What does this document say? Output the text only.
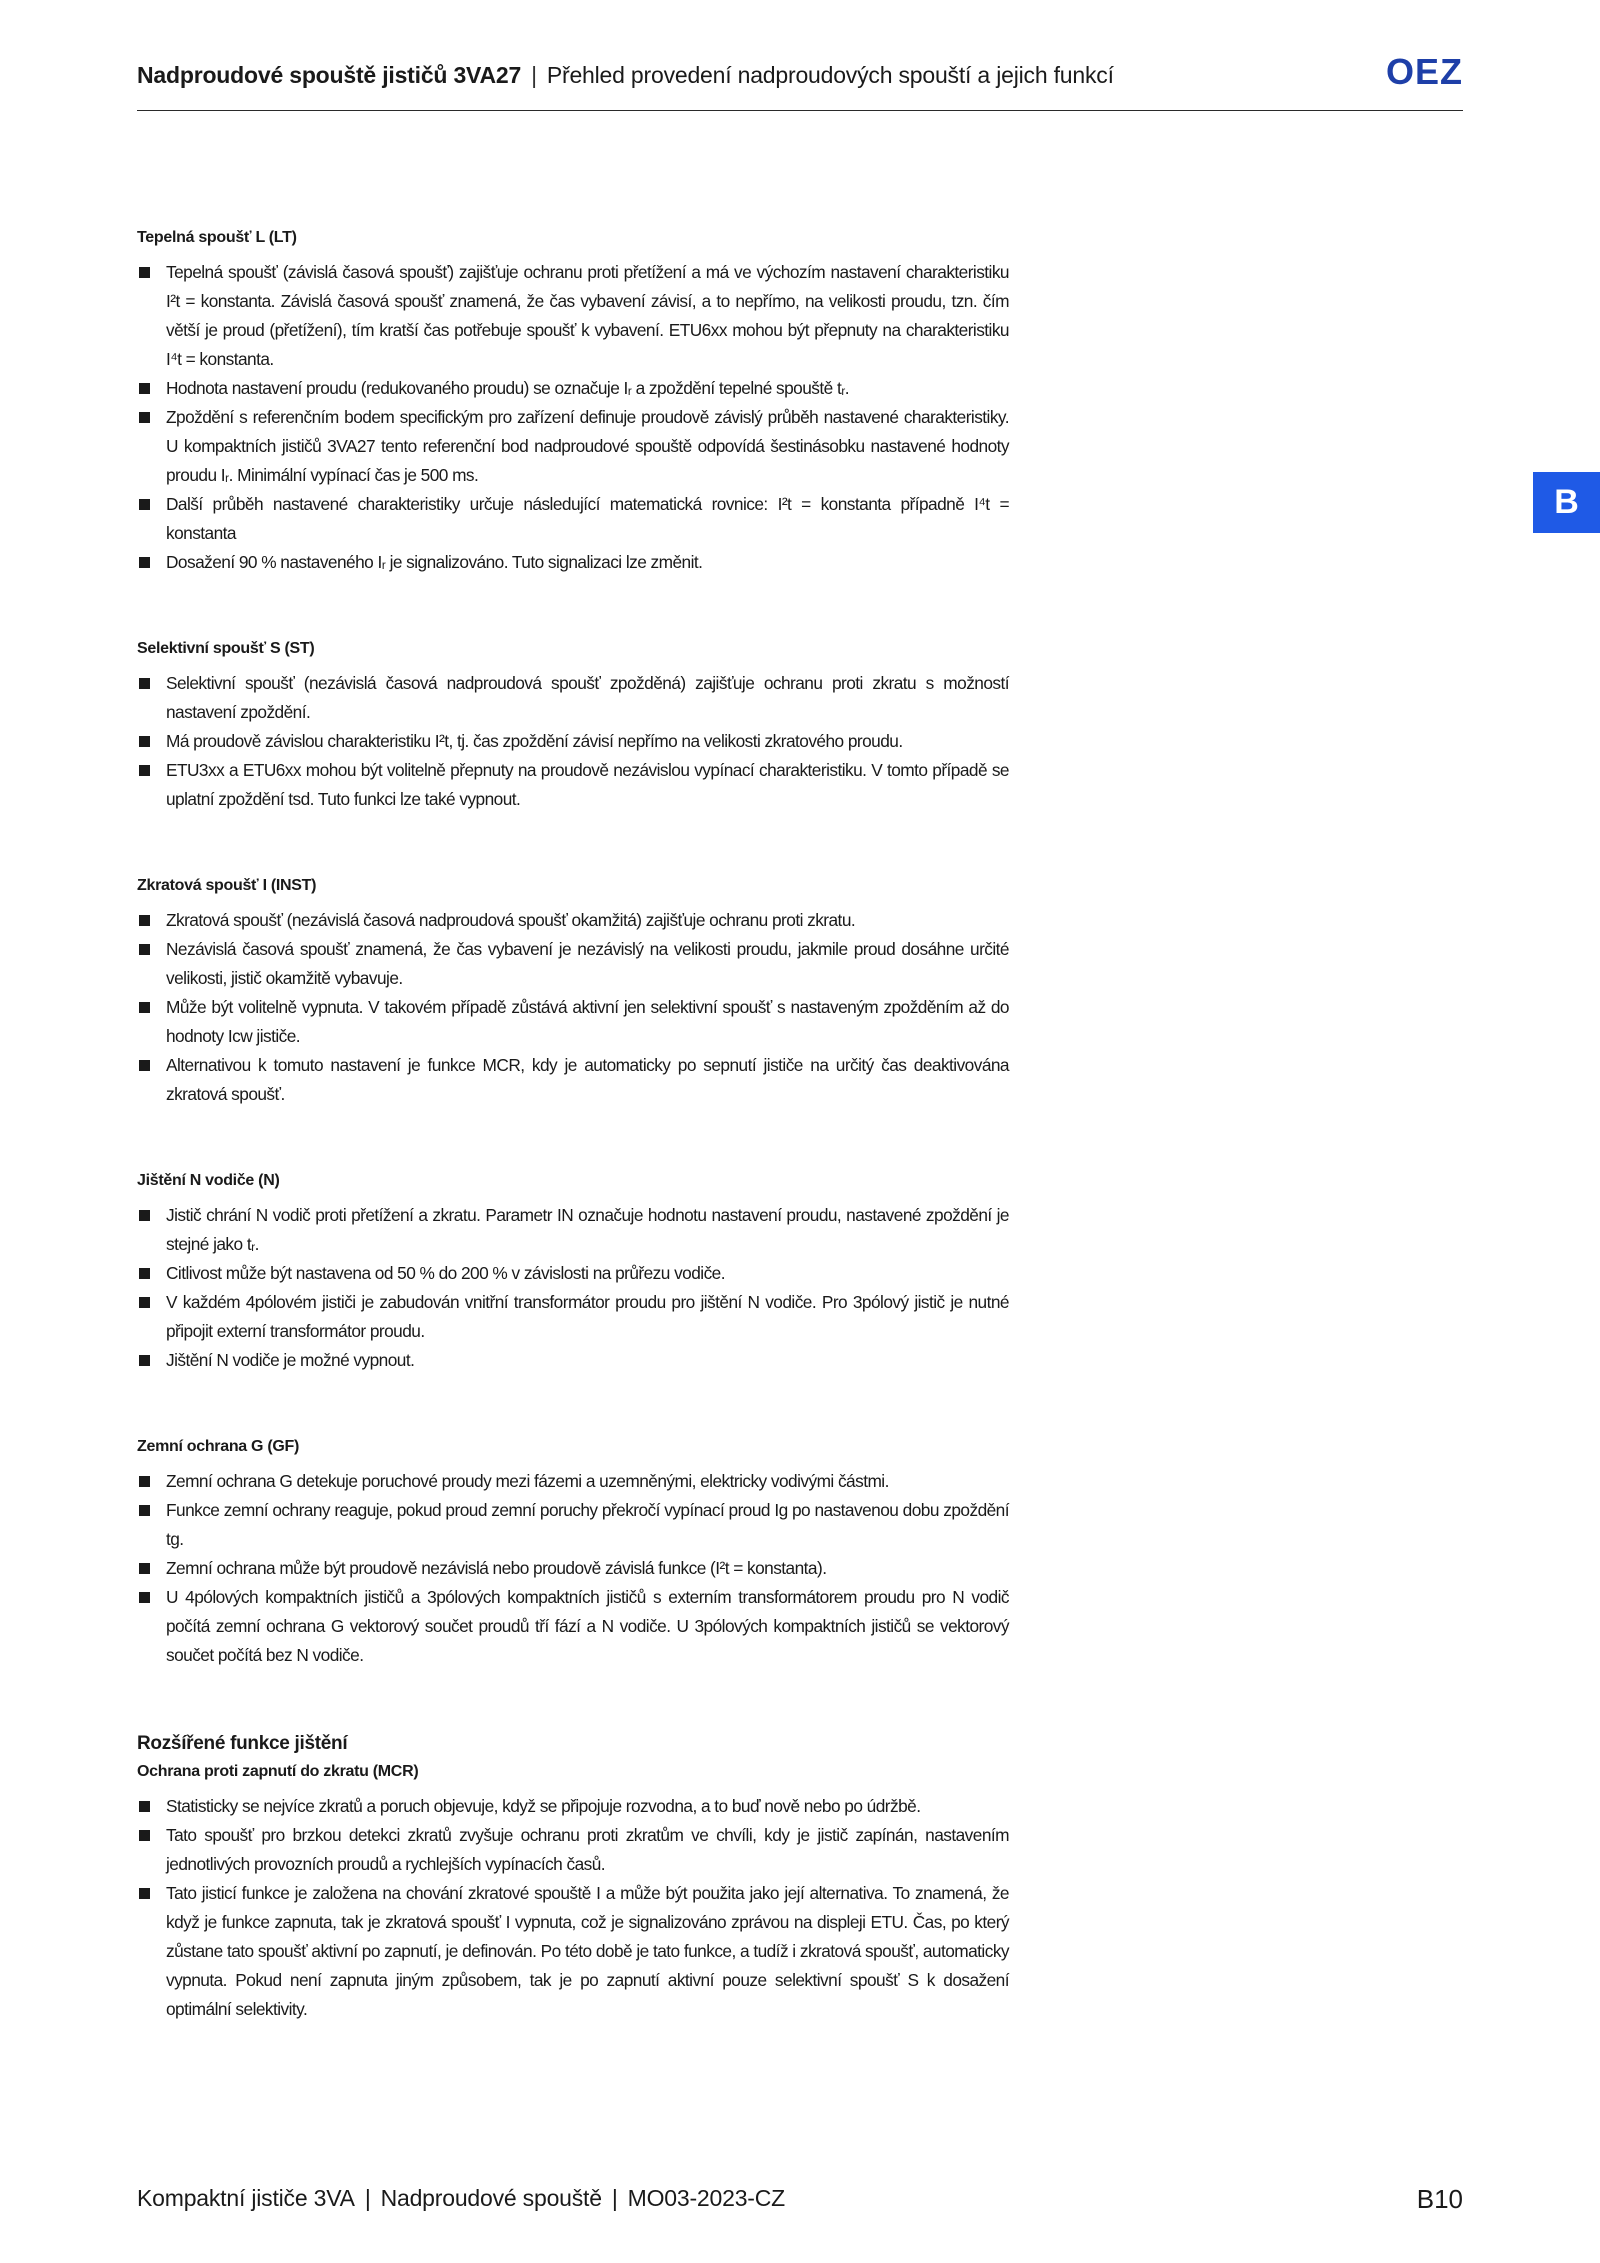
Nadproudové spouště jističů 3VA27 | Přehled provedení nadproudových spouští a jejich funkcí	OEZ
B
Tepelná spoušť L (LT)
Tepelná spoušť (závislá časová spoušť) zajišťuje ochranu proti přetížení a má ve výchozím nastavení charakteristiku I²t = konstanta. Závislá časová spoušť znamená, že čas vybavení závisí, a to nepřímo, na velikosti proudu, tzn. čím větší je proud (přetížení), tím kratší čas potřebuje spoušť k vybavení. ETU6xx mohou být přepnuty na charakteristiku I⁴t = konstanta.
Hodnota nastavení proudu (redukovaného proudu) se označuje Iᵣ a zpoždění tepelné spouště tᵣ.
Zpoždění s referenčním bodem specifickým pro zařízení definuje proudově závislý průběh nastavené charakteristiky. U kompaktních jističů 3VA27 tento referenční bod nadproudové spouště odpovídá šestinásobku nastavené hodnoty proudu Iᵣ. Minimální vypínací čas je 500 ms.
Další průběh nastavené charakteristiky určuje následující matematická rovnice: I²t = konstanta případně I⁴t = konstanta
Dosažení 90 % nastaveného Iᵣ je signalizováno. Tuto signalizaci lze změnit.
Selektivní spoušť S (ST)
Selektivní spoušť (nezávislá časová nadproudová spoušť zpožděná) zajišťuje ochranu proti zkratu s možností nastavení zpoždění.
Má proudově závislou charakteristiku I²t, tj. čas zpoždění závisí nepřímo na velikosti zkratového proudu.
ETU3xx a ETU6xx mohou být volitelně přepnuty na proudově nezávislou vypínací charakteristiku. V tomto případě se uplatní zpoždění tsd. Tuto funkci lze také vypnout.
Zkratová spoušť I (INST)
Zkratová spoušť (nezávislá časová nadproudová spoušť okamžitá) zajišťuje ochranu proti zkratu.
Nezávislá časová spoušť znamená, že čas vybavení je nezávislý na velikosti proudu, jakmile proud dosáhne určité velikosti, jistič okamžitě vybavuje.
Může být volitelně vypnuta. V takovém případě zůstává aktivní jen selektivní spoušť s nastaveným zpožděním až do hodnoty Icw jističe.
Alternativou k tomuto nastavení je funkce MCR, kdy je automaticky po sepnutí jističe na určitý čas deaktivována zkratová spoušť.
Jištění N vodiče (N)
Jistič chrání N vodič proti přetížení a zkratu. Parametr IN označuje hodnotu nastavení proudu, nastavené zpoždění je stejné jako tᵣ.
Citlivost může být nastavena od 50 % do 200 % v závislosti na průřezu vodiče.
V každém 4pólovém jističi je zabudován vnitřní transformátor proudu pro jištění N vodiče. Pro 3pólový jistič je nutné připojit externí transformátor proudu.
Jištění N vodiče je možné vypnout.
Zemní ochrana G (GF)
Zemní ochrana G detekuje poruchové proudy mezi fázemi a uzemněnými, elektricky vodivými částmi.
Funkce zemní ochrany reaguje, pokud proud zemní poruchy překročí vypínací proud Ig po nastavenou dobu zpoždění tg.
Zemní ochrana může být proudově nezávislá nebo proudově závislá funkce (I²t = konstanta).
U 4pólových kompaktních jističů a 3pólových kompaktních jističů s externím transformátorem proudu pro N vodič počítá zemní ochrana G vektorový součet proudů tří fází a N vodiče. U 3pólových kompaktních jističů se vektorový součet počítá bez N vodiče.
Rozšířené funkce jištění
Ochrana proti zapnutí do zkratu (MCR)
Statisticky se nejvíce zkratů a poruch objevuje, když se připojuje rozvodna, a to buď nově nebo po údržbě.
Tato spoušť pro brzkou detekci zkratů zvyšuje ochranu proti zkratům ve chvíli, kdy je jistič zapínán, nastavením jednotlivých provozních proudů a rychlejších vypínacích časů.
Tato jisticí funkce je založena na chování zkratové spouště I a může být použita jako její alternativa. To znamená, že když je funkce zapnuta, tak je zkratová spoušť I vypnuta, což je signalizováno zprávou na displeji ETU. Čas, po který zůstane tato spoušť aktivní po zapnutí, je definován. Po této době je tato funkce, a tudíž i zkratová spoušť, automaticky vypnuta. Pokud není zapnuta jiným způsobem, tak je po zapnutí aktivní pouze selektivní spoušť S k dosažení optimální selektivity.
Kompaktní jističe 3VA | Nadproudové spouště | MO03-2023-CZ	B10
